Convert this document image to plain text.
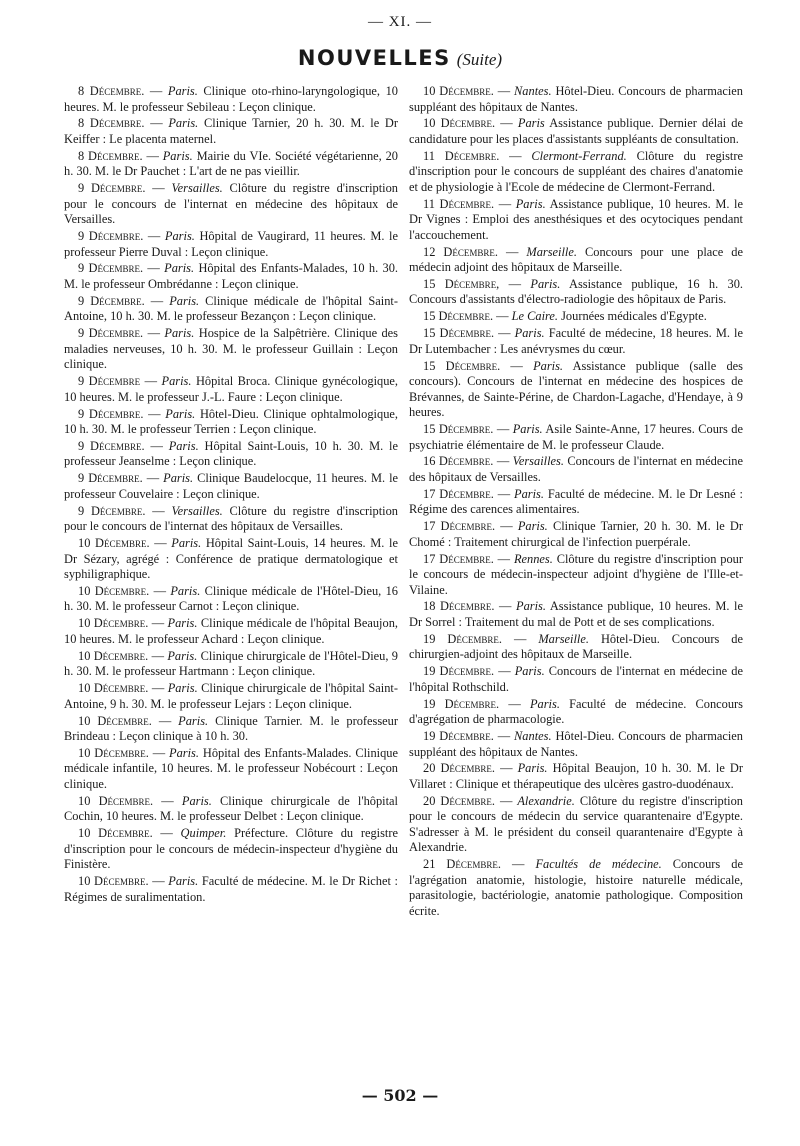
— XI. —
NOUVELLES (Suite)

8 Décembre. — Paris. Clinique oto-rhino-laryngologique, 10 heures. M. le professeur Sebileau : Leçon clinique.

8 Décembre. — Paris. Clinique Tarnier, 20 h. 30. M. le Dr Keiffer : Le placenta maternel.

8 Décembre. — Paris. Mairie du VIe. Société végétarienne, 20 h. 30. M. le Dr Pauchet : L'art de ne pas vieillir.

9 Décembre. — Versailles. Clôture du registre d'inscription pour le concours de l'internat en médecine des hôpitaux de Versailles.

9 Décembre. — Paris. Hôpital de Vaugirard, 11 heures. M. le professeur Pierre Duval : Leçon clinique.

9 Décembre. — Paris. Hôpital des Enfants-Malades, 10 h. 30. M. le professeur Ombrédanne : Leçon clinique.

9 Décembre. — Paris. Clinique médicale de l'hôpital Saint-Antoine, 10 h. 30. M. le professeur Bezançon : Leçon clinique.

9 Décembre. — Paris. Hospice de la Salpêtrière. Clinique des maladies nerveuses, 10 h. 30. M. le professeur Guillain : Leçon clinique.

9 Décembre — Paris. Hôpital Broca. Clinique gynécologique, 10 heures. M. le professeur J.-L. Faure : Leçon clinique.

9 Décembre. — Paris. Hôtel-Dieu. Clinique ophtalmologique, 10 h. 30. M. le professeur Terrien : Leçon clinique.

9 Décembre. — Paris. Hôpital Saint-Louis, 10 h. 30. M. le professeur Jeanselme : Leçon clinique.

9 Décembre. — Paris. Clinique Baudelocque, 11 heures. M. le professeur Couvelaire : Leçon clinique.

9 Décembre. — Versailles. Clôture du registre d'inscription pour le concours de l'internat des hôpitaux de Versailles.

10 Décembre. — Paris. Hôpital Saint-Louis, 14 heures. M. le Dr Sézary, agrégé : Conférence de pratique dermatologique et syphiligraphique.

10 Décembre. — Paris. Clinique médicale de l'Hôtel-Dieu, 16 h. 30. M. le professeur Carnot : Leçon clinique.

10 Décembre. — Paris. Clinique médicale de l'hôpital Beaujon, 10 heures. M. le professeur Achard : Leçon clinique.

10 Décembre. — Paris. Clinique chirurgicale de l'Hôtel-Dieu, 9 h. 30. M. le professeur Hartmann : Leçon clinique.

10 Décembre. — Paris. Clinique chirurgicale de l'hôpital Saint-Antoine, 9 h. 30. M. le professeur Lejars : Leçon clinique.

10 Décembre. — Paris. Clinique Tarnier. M. le professeur Brindeau : Leçon clinique à 10 h. 30.

10 Décembre. — Paris. Hôpital des Enfants-Malades. Clinique médicale infantile, 10 heures. M. le professeur Nobécourt : Leçon clinique.

10 Décembre. — Paris. Clinique chirurgicale de l'hôpital Cochin, 10 heures. M. le professeur Delbet : Leçon clinique.

10 Décembre. — Quimper. Préfecture. Clôture du registre d'inscription pour le concours de médecin-inspecteur d'hygiène du Finistère.

10 Décembre. — Paris. Faculté de médecine. M. le Dr Richet : Régimes de suralimentation.

10 Décembre. — Nantes. Hôtel-Dieu. Concours de pharmacien suppléant des hôpitaux de Nantes.

10 Décembre. — Paris Assistance publique. Dernier délai de candidature pour les places d'assistants suppléants de consultation.

11 Décembre. — Clermont-Ferrand. Clôture du registre d'inscription pour le concours de suppléant des chaires d'anatomie et de physiologie à l'Ecole de médecine de Clermont-Ferrand.

11 Décembre. — Paris. Assistance publique, 10 heures. M. le Dr Vignes : Emploi des anesthésiques et des ocytociques pendant l'accouchement.

12 Décembre. — Marseille. Concours pour une place de médecin adjoint des hôpitaux de Marseille.

15 Décembre, — Paris. Assistance publique, 16 h. 30. Concours d'assistants d'électro-radiologie des hôpitaux de Paris.

15 Décembre. — Le Caire. Journées médicales d'Egypte.

15 Décembre. — Paris. Faculté de médecine, 18 heures. M. le Dr Lutembacher : Les anévrysmes du cœur.

15 Décembre. — Paris. Assistance publique (salle des concours). Concours de l'internat en médecine des hospices de Brévannes, de Sainte-Périne, de Chardon-Lagache, d'Hendaye, à 9 heures.

15 Décembre. — Paris. Asile Sainte-Anne, 17 heures. Cours de psychiatrie élémentaire de M. le professeur Claude.

16 Décembre. — Versailles. Concours de l'internat en médecine des hôpitaux de Versailles.

17 Décembre. — Paris. Faculté de médecine. M. le Dr Lesné : Régime des carences alimentaires.

17 Décembre. — Paris. Clinique Tarnier, 20 h. 30. M. le Dr Chomé : Traitement chirurgical de l'infection puerpérale.

17 Décembre. — Rennes. Clôture du registre d'inscription pour le concours de médecin-inspecteur adjoint d'hygiène de l'Ille-et-Vilaine.

18 Décembre. — Paris. Assistance publique, 10 heures. M. le Dr Sorrel : Traitement du mal de Pott et de ses complications.

19 Décembre. — Marseille. Hôtel-Dieu. Concours de chirurgien-adjoint des hôpitaux de Marseille.

19 Décembre. — Paris. Concours de l'internat en médecine de l'hôpital Rothschild.

19 Décembre. — Paris. Faculté de médecine. Concours d'agrégation de pharmacologie.

19 Décembre. — Nantes. Hôtel-Dieu. Concours de pharmacien suppléant des hôpitaux de Nantes.

20 Décembre. — Paris. Hôpital Beaujon, 10 h. 30. M. le Dr Villaret : Clinique et thérapeutique des ulcères gastro-duodénaux.

20 Décembre. — Alexandrie. Clôture du registre d'inscription pour le concours de médecin du service quarantenaire d'Egypte. S'adresser à M. le président du conseil quarantenaire d'Egypte à Alexandrie.

21 Décembre. — Facultés de médecine. Concours de l'agrégation anatomie, histologie, histoire naturelle médicale, parasitologie, bactériologie, anatomie pathologique. Composition écrite.

— 502 —
